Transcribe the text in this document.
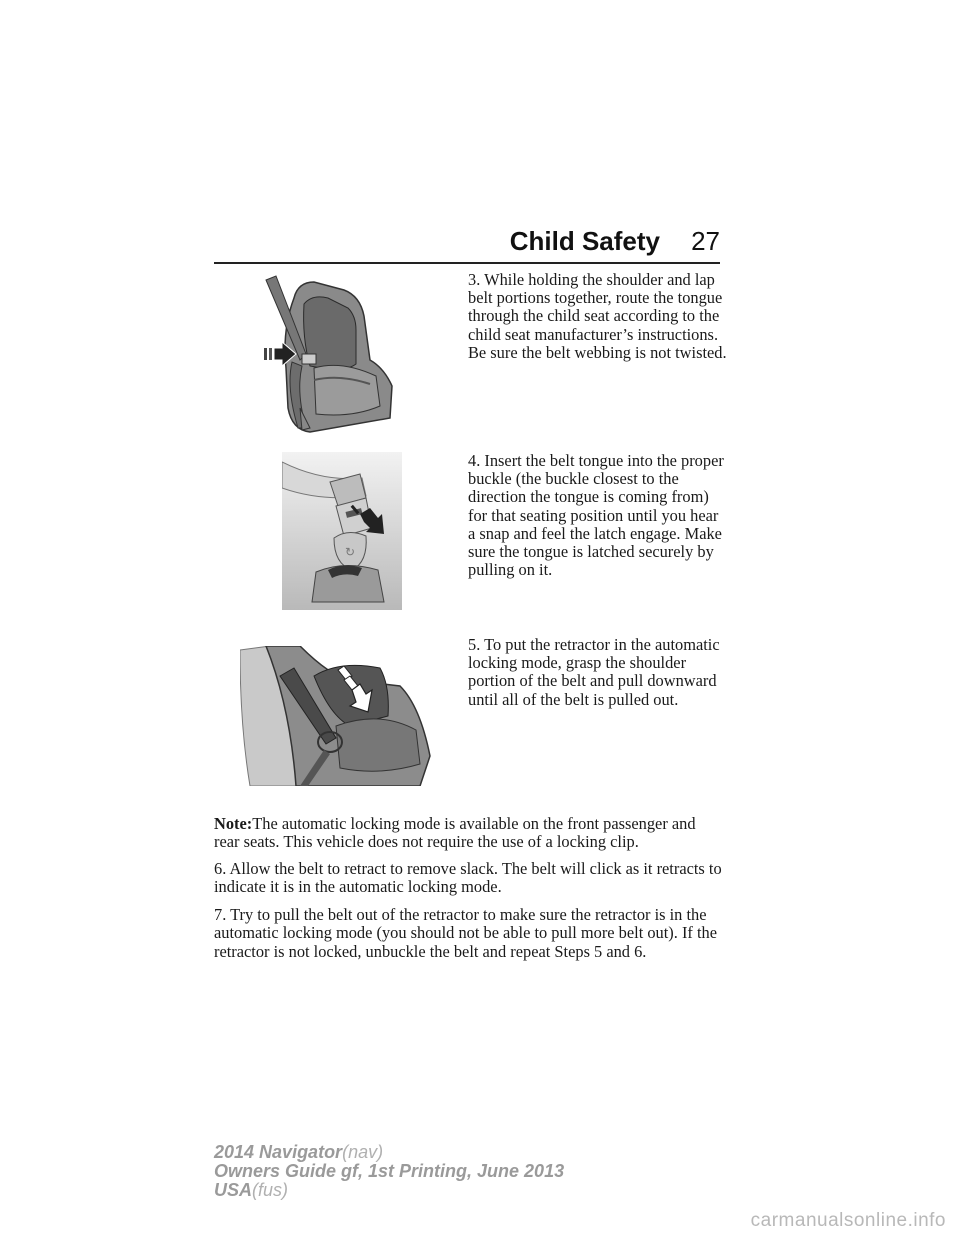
Child Safety 27
3. While holding the shoulder and lap belt portions together, route the tongue through the child seat according to the child seat manufacturer’s instructions. Be sure the belt webbing is not twisted.
↻
4. Insert the belt tongue into the proper buckle (the buckle closest to the direction the tongue is coming from) for that seating position until you hear a snap and feel the latch engage. Make sure the tongue is latched securely by pulling on it.
5. To put the retractor in the automatic locking mode, grasp the shoulder portion of the belt and pull downward until all of the belt is pulled out.
Note:The automatic locking mode is available on the front passenger and rear seats. This vehicle does not require the use of a locking clip.
6. Allow the belt to retract to remove slack. The belt will click as it retracts to indicate it is in the automatic locking mode.
7. Try to pull the belt out of the retractor to make sure the retractor is in the automatic locking mode (you should not be able to pull more belt out). If the retractor is not locked, unbuckle the belt and repeat Steps 5 and 6.
2014 Navigator(nav)
Owners Guide gf, 1st Printing, June 2013
USA(fus)
carmanualsonline.info
